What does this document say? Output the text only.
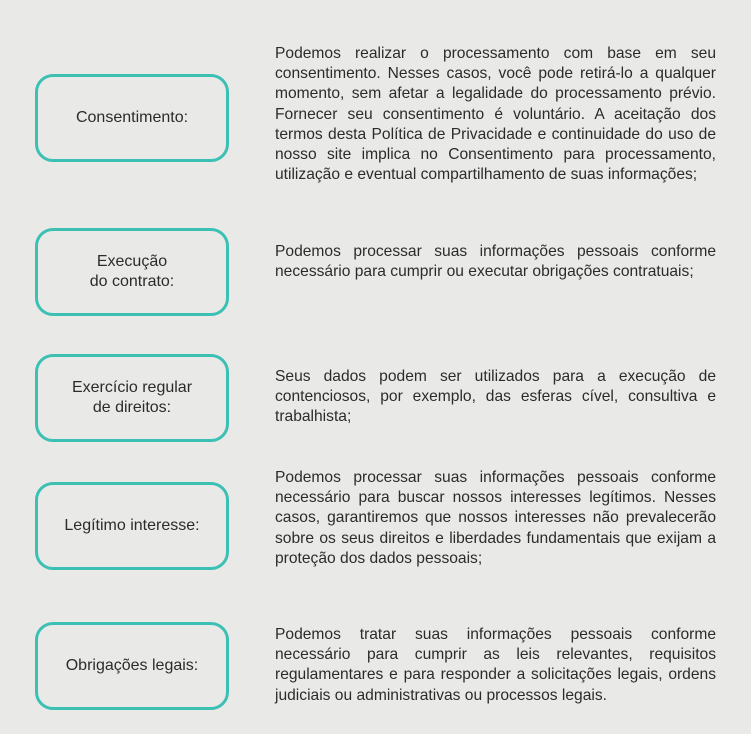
Consentimento:

Podemos realizar o processamento com base em seu consentimento. Nesses casos, você pode retirá-lo a qualquer momento, sem afetar a legalidade do processamento prévio. Fornecer seu consentimento é voluntário. A aceitação dos termos desta Política de Privacidade e continuidade do uso de nosso site implica no Consentimento para processamento, utilização e eventual compartilhamento de suas informações;

Execução
do contrato:

Podemos processar suas informações pessoais conforme necessário para cumprir ou executar obrigações contratuais;

Exercício regular
de direitos:

Seus dados podem ser utilizados para a execução de contenciosos, por exemplo, das esferas cível, consultiva e trabalhista;

Legítimo interesse:

Podemos processar suas informações pessoais conforme necessário para buscar nossos interesses legítimos. Nesses casos, garantiremos que nossos interesses não prevalecerão sobre os seus direitos e liberdades fundamentais que exijam a proteção dos dados pessoais;

Obrigações legais:

Podemos tratar suas informações pessoais conforme necessário para cumprir as leis relevantes, requisitos regulamentares e para responder a solicitações legais, ordens judiciais ou administrativas ou processos legais.
